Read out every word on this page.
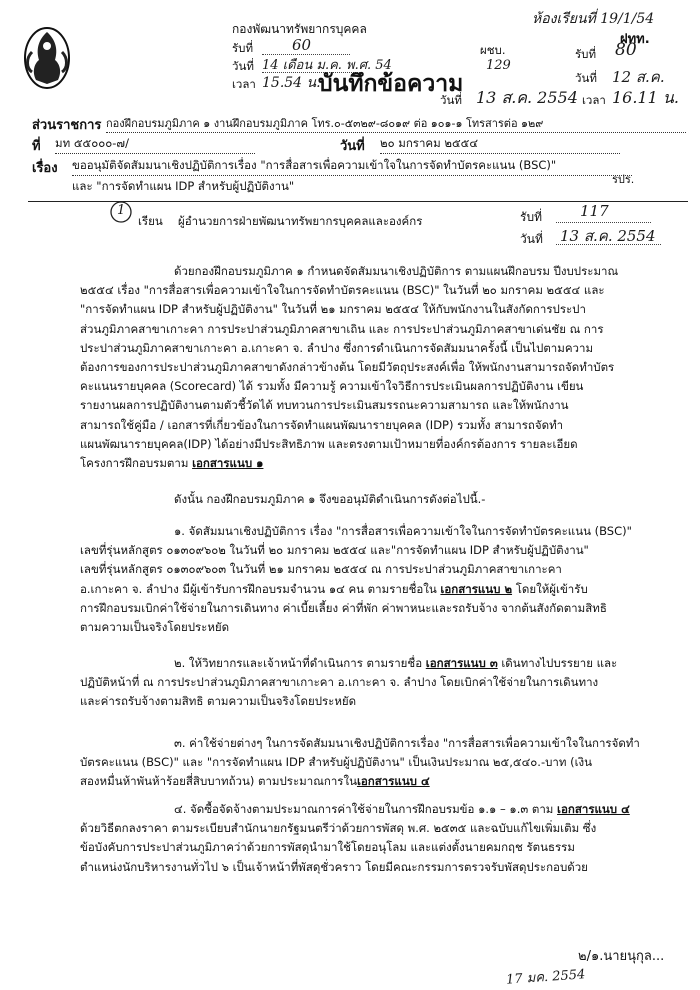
ห้องเรียนที่ 19/1/54
กองพัฒนาทรัพยากรบุคคล
รับที่	60
วันที่ 14 เดือน ม.ค. พ.ศ. 54
เวลา 15.54 น.
บันทึกข้อความ
ผชบ.
129
ฝทท.
รับที่ 80
วันที่ 12 ส.ค.
วันที่ 13 ส.ค. 2554 เวลา 16.11 น.
ส่วนราชการ กองฝึกอบรมภูมิภาค ๑ งานฝึกอบรมภูมิภาค โทร.๐-๕๓๒๙-๘๐๑๙ ต่อ ๑๐๑-๑ โทรสารต่อ ๑๒๙
ที่ มท ๕๕๐๐๐-๗/	วันที่ ๒๐ มกราคม ๒๕๕๔
เรื่อง ขออนุมัติจัดสัมมนาเชิงปฏิบัติการเรื่อง "การสื่อสารเพื่อความเข้าใจในการจัดทำบัตรคะแนน (BSC)"
รปร.
และ "การจัดทำแผน IDP สำหรับผู้ปฏิบัติงาน"
1
เรียน ผู้อำนวยการฝ่ายพัฒนาทรัพยากรบุคคลและองค์กร	รับที่	117
วันที่ 13 ส.ค. 2554

ด้วยกองฝึกอบรมภูมิภาค ๑ กำหนดจัดสัมมนาเชิงปฏิบัติการ ตามแผนฝึกอบรม ปีงบประมาณ

๒๕๕๔ เรื่อง "การสื่อสารเพื่อความเข้าใจในการจัดทำบัตรคะแนน (BSC)" ในวันที่ ๒๐ มกราคม ๒๕๕๔ และ

"การจัดทำแผน IDP สำหรับผู้ปฏิบัติงาน" ในวันที่ ๒๑ มกราคม ๒๕๕๔ ให้กับพนักงานในสังกัดการประปา

ส่วนภูมิภาคสาขาเกาะคา การประปาส่วนภูมิภาคสาขาเถิน และ การประปาส่วนภูมิภาคสาขาเด่นชัย ณ การ

ประปาส่วนภูมิภาคสาขาเกาะคา อ.เกาะคา จ. ลำปาง ซึ่งการดำเนินการจัดสัมมนาครั้งนี้ เป็นไปตามความ

ต้องการของการประปาส่วนภูมิภาคสาขาดังกล่าวข้างต้น โดยมีวัตถุประสงค์เพื่อ ให้พนักงานสามารถจัดทำบัตร

คะแนนรายบุคคล (Scorecard) ได้ รวมทั้ง มีความรู้ ความเข้าใจวิธีการประเมินผลการปฏิบัติงาน เขียน

รายงานผลการปฏิบัติงานตามตัวชี้วัดได้ ทบทวนการประเมินสมรรถนะความสามารถ และให้พนักงาน

สามารถใช้คู่มือ / เอกสารที่เกี่ยวข้องในการจัดทำแผนพัฒนารายบุคคล (IDP) รวมทั้ง สามารถจัดทำ

แผนพัฒนารายบุคคล(IDP) ได้อย่างมีประสิทธิภาพ และตรงตามเป้าหมายที่องค์กรต้องการ รายละเอียด

โครงการฝึกอบรมตาม เอกสารแนบ ๑

ดังนั้น กองฝึกอบรมภูมิภาค ๑ จึงขออนุมัติดำเนินการดังต่อไปนี้.-

๑. จัดสัมมนาเชิงปฏิบัติการ เรื่อง "การสื่อสารเพื่อความเข้าใจในการจัดทำบัตรคะแนน (BSC)"

เลขที่รุ่นหลักสูตร ๐๑๓๐๙๖๐๒ ในวันที่ ๒๐ มกราคม ๒๕๕๔ และ"การจัดทำแผน IDP สำหรับผู้ปฏิบัติงาน"

เลขที่รุ่นหลักสูตร ๐๑๓๐๙๖๐๓ ในวันที่ ๒๑ มกราคม ๒๕๕๔ ณ การประปาส่วนภูมิภาคสาขาเกาะคา

อ.เกาะคา จ. ลำปาง มีผู้เข้ารับการฝึกอบรมจำนวน ๑๔ คน ตามรายชื่อใน เอกสารแนบ ๒ โดยให้ผู้เข้ารับ

การฝึกอบรมเบิกค่าใช้จ่ายในการเดินทาง ค่าเบี้ยเลี้ยง ค่าที่พัก ค่าพาหนะและรถรับจ้าง จากต้นสังกัดตามสิทธิ

ตามความเป็นจริงโดยประหยัด

๒. ให้วิทยากรและเจ้าหน้าที่ดำเนินการ ตามรายชื่อ เอกสารแนบ ๓ เดินทางไปบรรยาย และ

ปฏิบัติหน้าที่ ณ การประปาส่วนภูมิภาคสาขาเกาะคา อ.เกาะคา จ. ลำปาง โดยเบิกค่าใช้จ่ายในการเดินทาง

และค่ารถรับจ้างตามสิทธิ ตามความเป็นจริงโดยประหยัด

๓. ค่าใช้จ่ายต่างๆ ในการจัดสัมมนาเชิงปฏิบัติการเรื่อง "การสื่อสารเพื่อความเข้าใจในการจัดทำ

บัตรคะแนน (BSC)" และ "การจัดทำแผน IDP สำหรับผู้ปฏิบัติงาน" เป็นเงินประมาณ ๒๕,๕๔๐.-บาท (เงิน

สองหมื่นห้าพันห้าร้อยสี่สิบบาทถ้วน) ตามประมาณการในเอกสารแนบ ๔

๔. จัดซื้อจัดจ้างตามประมาณการค่าใช้จ่ายในการฝึกอบรมข้อ ๑.๑ – ๑.๓ ตาม เอกสารแนบ ๔

ด้วยวิธีตกลงราคา ตามระเบียบสำนักนายกรัฐมนตรีว่าด้วยการพัสดุ พ.ศ. ๒๕๓๕ และฉบับแก้ไขเพิ่มเติม ซึ่ง

ข้อบังคับการประปาส่วนภูมิภาคว่าด้วยการพัสดุนำมาใช้โดยอนุโลม และแต่งตั้งนายคมกฤช รัตนธรรม

ตำแหน่งนักบริหารงานทั่วไป ๖ เป็นเจ้าหน้าที่พัสดุชั่วคราว โดยมีคณะกรรมการตรวจรับพัสดุประกอบด้วย

๒/๑.นายนุกุล...
17 มค. 2554
